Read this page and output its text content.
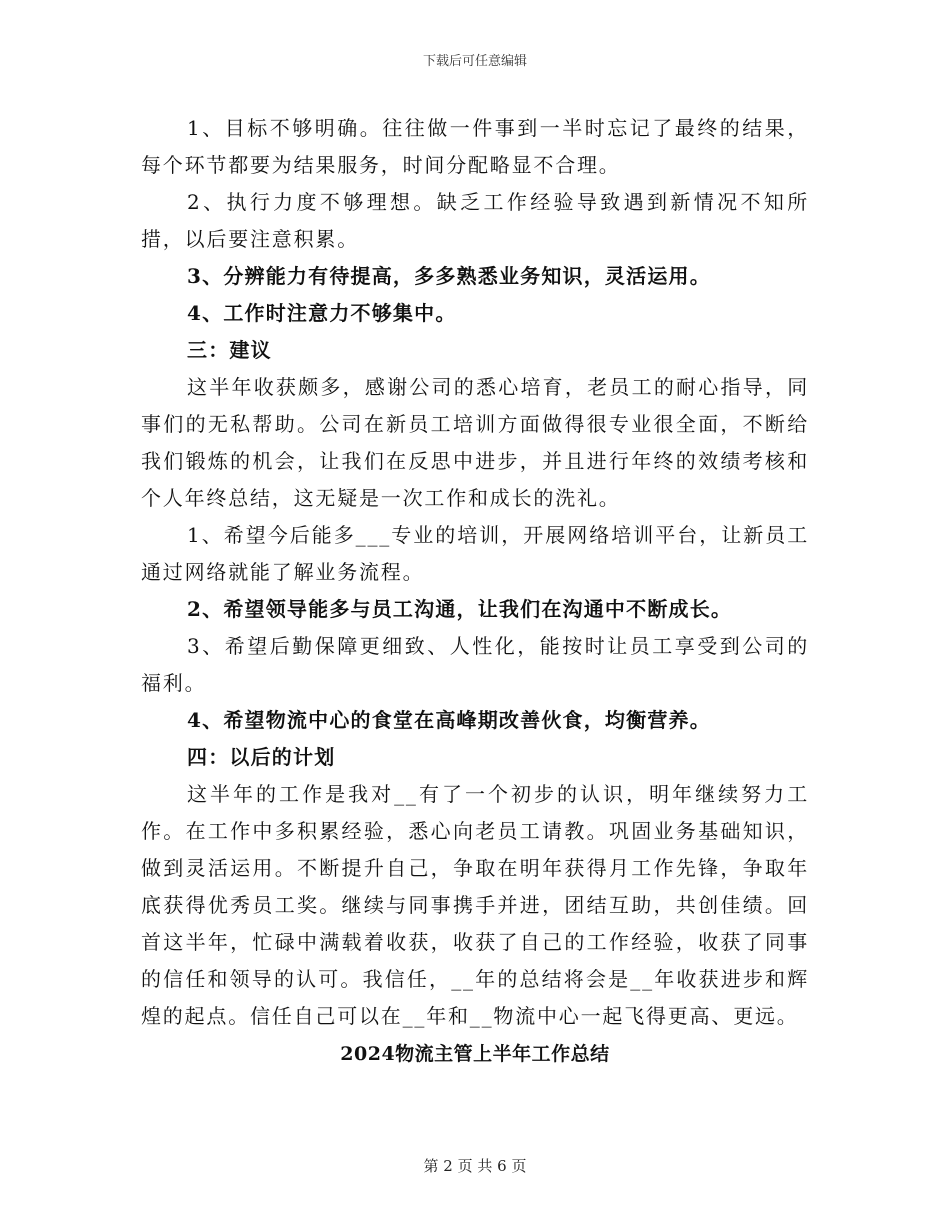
下载后可任意编辑

1、目标不够明确。往往做一件事到一半时忘记了最终的结果，每个环节都要为结果服务，时间分配略显不合理。

2、执行力度不够理想。缺乏工作经验导致遇到新情况不知所措，以后要注意积累。

3、分辨能力有待提高，多多熟悉业务知识，灵活运用。

4、工作时注意力不够集中。

三：建议

这半年收获颇多，感谢公司的悉心培育，老员工的耐心指导，同事们的无私帮助。公司在新员工培训方面做得很专业很全面，不断给我们锻炼的机会，让我们在反思中进步，并且进行年终的效绩考核和个人年终总结，这无疑是一次工作和成长的洗礼。

1、希望今后能多___专业的培训，开展网络培训平台，让新员工通过网络就能了解业务流程。

2、希望领导能多与员工沟通，让我们在沟通中不断成长。

3、希望后勤保障更细致、人性化，能按时让员工享受到公司的福利。

4、希望物流中心的食堂在高峰期改善伙食，均衡营养。

四：以后的计划

这半年的工作是我对__有了一个初步的认识，明年继续努力工作。在工作中多积累经验，悉心向老员工请教。巩固业务基础知识，做到灵活运用。不断提升自己，争取在明年获得月工作先锋，争取年底获得优秀员工奖。继续与同事携手并进，团结互助，共创佳绩。回首这半年，忙碌中满载着收获，收获了自己的工作经验，收获了同事的信任和领导的认可。我信任，__年的总结将会是__年收获进步和辉煌的起点。信任自己可以在__年和__物流中心一起飞得更高、更远。

2024物流主管上半年工作总结
第 2 页 共 6 页
